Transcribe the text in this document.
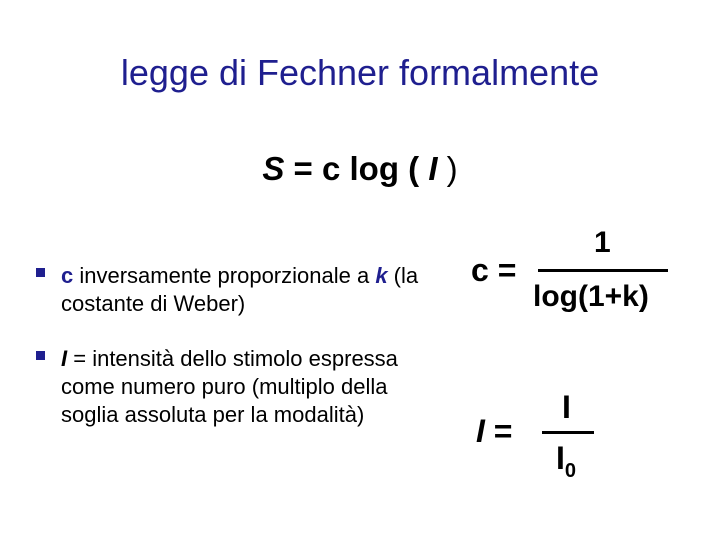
legge di Fechner formalmente
S = c log ( I )
c inversamente proporzionale a k (la costante di Weber)
I = intensità dello stimolo espressa come numero puro (multiplo della soglia assoluta per la modalità)
c =
1
log(1+k)
I =
I
$I_0$
